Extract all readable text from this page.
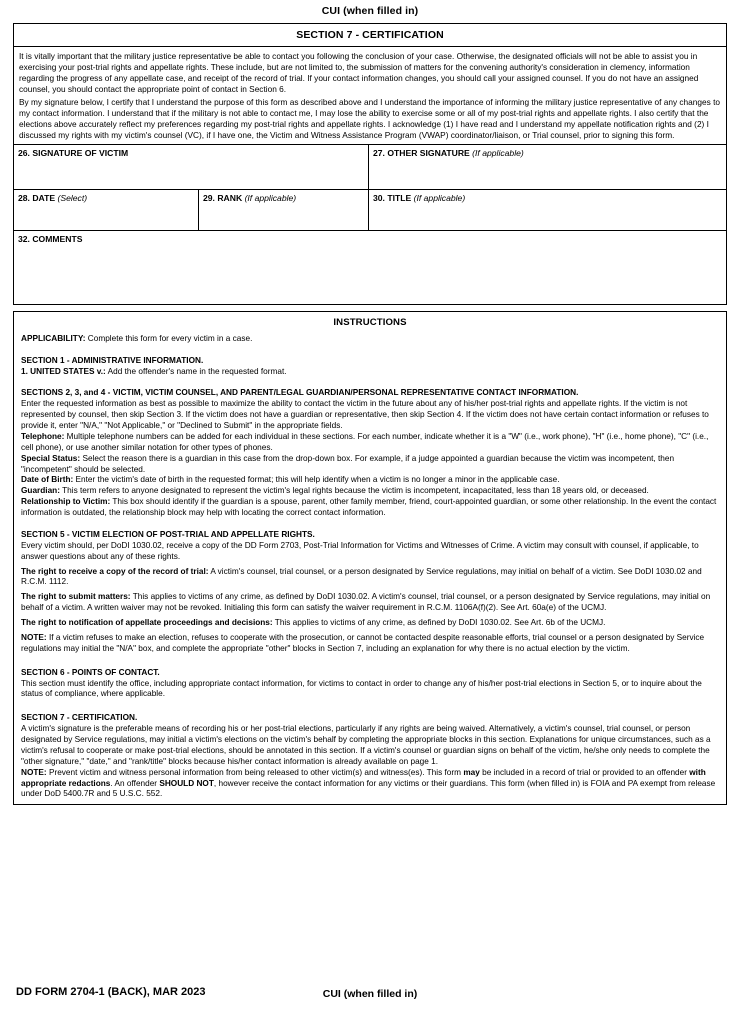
CUI (when filled in)
SECTION 7 - CERTIFICATION

It is vitally important that the military justice representative be able to contact you following the conclusion of your case. Otherwise, the designated officials will not be able to assist you in exercising your post-trial rights and appellate rights. These include, but are not limited to, the submission of matters for the convening authority's consideration in clemency, information regarding the progress of any appellate case, and receipt of the record of trial. If your contact information changes, you should call your assigned counsel. If you do not have an assigned counsel, you should contact the appropriate point of contact in Section 6.

By my signature below, I certify that I understand the purpose of this form as described above and I understand the importance of informing the military justice representative of any changes to my contact information. I understand that if the military is not able to contact me, I may lose the ability to exercise some or all of my post-trial rights and appellate rights. I also certify that the elections above accurately reflect my preferences regarding my post-trial rights and appellate rights. I acknowledge (1) I have read and I understand my appellate notification rights and (2) I discussed my rights with my victim's counsel (VC), if I have one, the Victim and Witness Assistance Program (VWAP) coordinator/liaison, or Trial counsel, prior to signing this form.

26. SIGNATURE OF VICTIM	27. OTHER SIGNATURE (If applicable)
28. DATE (Select)	29. RANK (If applicable)	30. TITLE (If applicable)
32. COMMENTS
INSTRUCTIONS

APPLICABILITY: Complete this form for every victim in a case.

SECTION 1 - ADMINISTRATIVE INFORMATION.

1. UNITED STATES v.: Add the offender's name in the requested format.

SECTIONS 2, 3, and 4 - VICTIM, VICTIM COUNSEL, AND PARENT/LEGAL GUARDIAN/PERSONAL REPRESENTATIVE CONTACT INFORMATION.

Enter the requested information as best as possible to maximize the ability to contact the victim in the future about any of his/her post-trial rights and appellate rights. If the victim is not represented by counsel, then skip Section 3. If the victim does not have a guardian or representative, then skip Section 4. If the victim does not have certain contact information or refuses to provide it, enter "N/A," "Not Applicable," or "Declined to Submit" in the appropriate fields.

Telephone: Multiple telephone numbers can be added for each individual in these sections. For each number, indicate whether it is a "W" (i.e., work phone), "H" (i.e., home phone), "C" (i.e., cell phone), or use another similar notation for other types of phones.

Special Status: Select the reason there is a guardian in this case from the drop-down box. For example, if a judge appointed a guardian because the victim was incompetent, then "incompetent" should be selected.

Date of Birth: Enter the victim's date of birth in the requested format; this will help identify when a victim is no longer a minor in the applicable case.

Guardian: This term refers to anyone designated to represent the victim's legal rights because the victim is incompetent, incapacitated, less than 18 years old, or deceased.

Relationship to Victim: This box should identify if the guardian is a spouse, parent, other family member, friend, court-appointed guardian, or some other relationship. In the event the contact information is outdated, the relationship block may help with locating the correct contact information.

SECTION 5 - VICTIM ELECTION OF POST-TRIAL AND APPELLATE RIGHTS.

Every victim should, per DoDI 1030.02, receive a copy of the DD Form 2703, Post-Trial Information for Victims and Witnesses of Crime. A victim may consult with counsel, if applicable, to answer questions about any of these rights.

The right to receive a copy of the record of trial: A victim's counsel, trial counsel, or a person designated by Service regulations, may initial on behalf of a victim. See DoDI 1030.02 and R.C.M. 1112.

The right to submit matters: This applies to victims of any crime, as defined by DoDI 1030.02. A victim's counsel, trial counsel, or a person designated by Service regulations, may initial on behalf of a victim. A written waiver may not be revoked. Initialing this form can satisfy the waiver requirement in R.C.M. 1106A(f)(2). See Art. 60a(e) of the UCMJ.

The right to notification of appellate proceedings and decisions: This applies to victims of any crime, as defined by DoDI 1030.02. See Art. 6b of the UCMJ.

NOTE: If a victim refuses to make an election, refuses to cooperate with the prosecution, or cannot be contacted despite reasonable efforts, trial counsel or a person designated by Service regulations may initial the "N/A" box, and complete the appropriate "other" blocks in Section 7, including an explanation for why there is no actual election by the victim.

SECTION 6 - POINTS OF CONTACT.

This section must identify the office, including appropriate contact information, for victims to contact in order to change any of his/her post-trial elections in Section 5, or to inquire about the status of compliance, where applicable.

SECTION 7 - CERTIFICATION.

A victim's signature is the preferable means of recording his or her post-trial elections, particularly if any rights are being waived. Alternatively, a victim's counsel, trial counsel, or person designated by Service regulations, may initial a victim's elections on the victim's behalf by completing the appropriate blocks in this section. Explanations for unique circumstances, such as a victim's refusal to cooperate or make post-trial elections, should be annotated in this section. If a victim's counsel or guardian signs on behalf of the victim, he/she only needs to complete the "other signature," "date," and "rank/title" blocks because his/her contact information is already available on page 1.

NOTE: Prevent victim and witness personal information from being released to other victim(s) and witness(es). This form may be included in a record of trial or provided to an offender with appropriate redactions. An offender SHOULD NOT, however receive the contact information for any victims or their guardians. This form (when filled in) is FOIA and PA exempt from release under DoD 5400.7R and 5 U.S.C. 552.

DD FORM 2704-1 (BACK), MAR 2023	CUI (when filled in)
